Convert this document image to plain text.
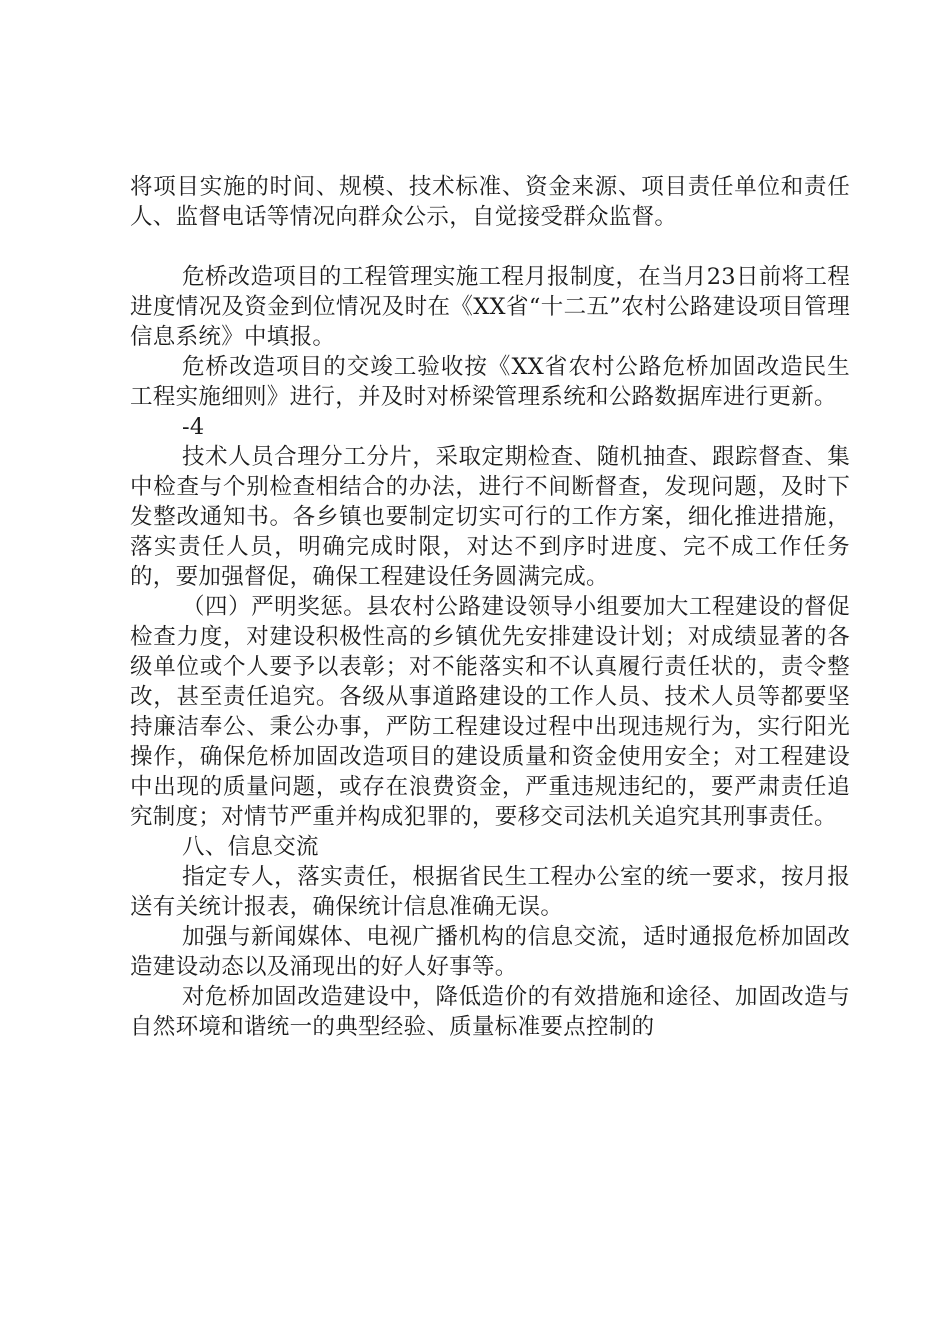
将项目实施的时间、规模、技术标准、资金来源、项目责任单位和责任人、监督电话等情况向群众公示，自觉接受群众监督。

危桥改造项目的工程管理实施工程月报制度，在当月23日前将工程进度情况及资金到位情况及时在《XX省“十二五”农村公路建设项目管理信息系统》中填报。

危桥改造项目的交竣工验收按《XX省农村公路危桥加固改造民生工程实施细则》进行，并及时对桥梁管理系统和公路数据库进行更新。

-4

技术人员合理分工分片，采取定期检查、随机抽查、跟踪督查、集中检查与个别检查相结合的办法，进行不间断督查，发现问题，及时下发整改通知书。各乡镇也要制定切实可行的工作方案，细化推进措施，落实责任人员，明确完成时限，对达不到序时进度、完不成工作任务的，要加强督促，确保工程建设任务圆满完成。

（四）严明奖惩。县农村公路建设领导小组要加大工程建设的督促检查力度，对建设积极性高的乡镇优先安排建设计划；对成绩显著的各级单位或个人要予以表彰；对不能落实和不认真履行责任状的，责令整改，甚至责任追究。各级从事道路建设的工作人员、技术人员等都要坚持廉洁奉公、秉公办事，严防工程建设过程中出现违规行为，实行阳光操作，确保危桥加固改造项目的建设质量和资金使用安全；对工程建设中出现的质量问题，或存在浪费资金，严重违规违纪的，要严肃责任追究制度；对情节严重并构成犯罪的，要移交司法机关追究其刑事责任。

八、信息交流

指定专人，落实责任，根据省民生工程办公室的统一要求，按月报送有关统计报表，确保统计信息准确无误。

加强与新闻媒体、电视广播机构的信息交流，适时通报危桥加固改造建设动态以及涌现出的好人好事等。

对危桥加固改造建设中，降低造价的有效措施和途径、加固改造与自然环境和谐统一的典型经验、质量标准要点控制的
